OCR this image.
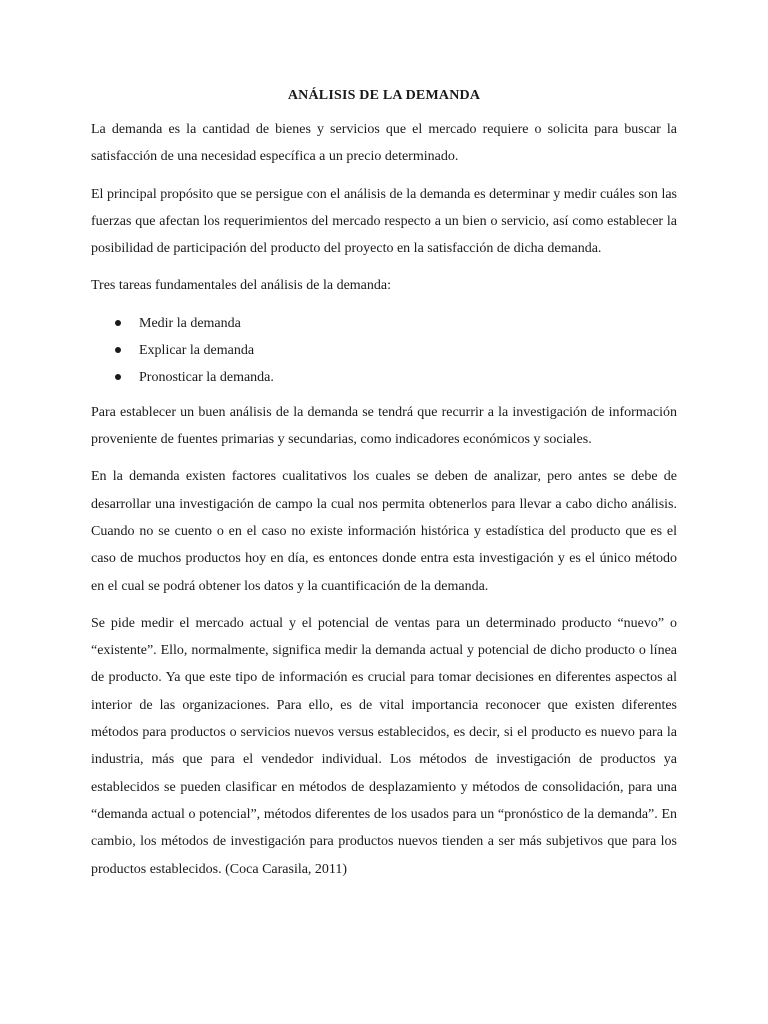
ANÁLISIS DE LA DEMANDA

La demanda es la cantidad de bienes y servicios que el mercado requiere o solicita para buscar la satisfacción de una necesidad específica a un precio determinado.

El principal propósito que se persigue con el análisis de la demanda es determinar y medir cuáles son las fuerzas que afectan los requerimientos del mercado respecto a un bien o servicio, así como establecer la posibilidad de participación del producto del proyecto en la satisfacción de dicha demanda.

Tres tareas fundamentales del análisis de la demanda:

Medir la demanda
Explicar la demanda
Pronosticar la demanda.

Para establecer un buen análisis de la demanda se tendrá que recurrir a la investigación de información proveniente de fuentes primarias y secundarias, como indicadores económicos y sociales.

En la demanda existen factores cualitativos los cuales se deben de analizar, pero antes se debe de desarrollar una investigación de campo la cual nos permita obtenerlos para llevar a cabo dicho análisis. Cuando no se cuento o en el caso no existe información histórica y estadística del producto que es el caso de muchos productos hoy en día, es entonces donde entra esta investigación y es el único método en el cual se podrá obtener los datos y la cuantificación de la demanda.

Se pide medir el mercado actual y el potencial de ventas para un determinado producto “nuevo” o “existente”. Ello, normalmente, significa medir la demanda actual y potencial de dicho producto o línea de producto. Ya que este tipo de información es crucial para tomar decisiones en diferentes aspectos al interior de las organizaciones. Para ello, es de vital importancia reconocer que existen diferentes métodos para productos o servicios nuevos versus establecidos, es decir, si el producto es nuevo para la industria, más que para el vendedor individual. Los métodos de investigación de productos ya establecidos se pueden clasificar en métodos de desplazamiento y métodos de consolidación, para una “demanda actual o potencial”, métodos diferentes de los usados para un “pronóstico de la demanda”. En cambio, los métodos de investigación para productos nuevos tienden a ser más subjetivos que para los productos establecidos. (Coca Carasila, 2011)
